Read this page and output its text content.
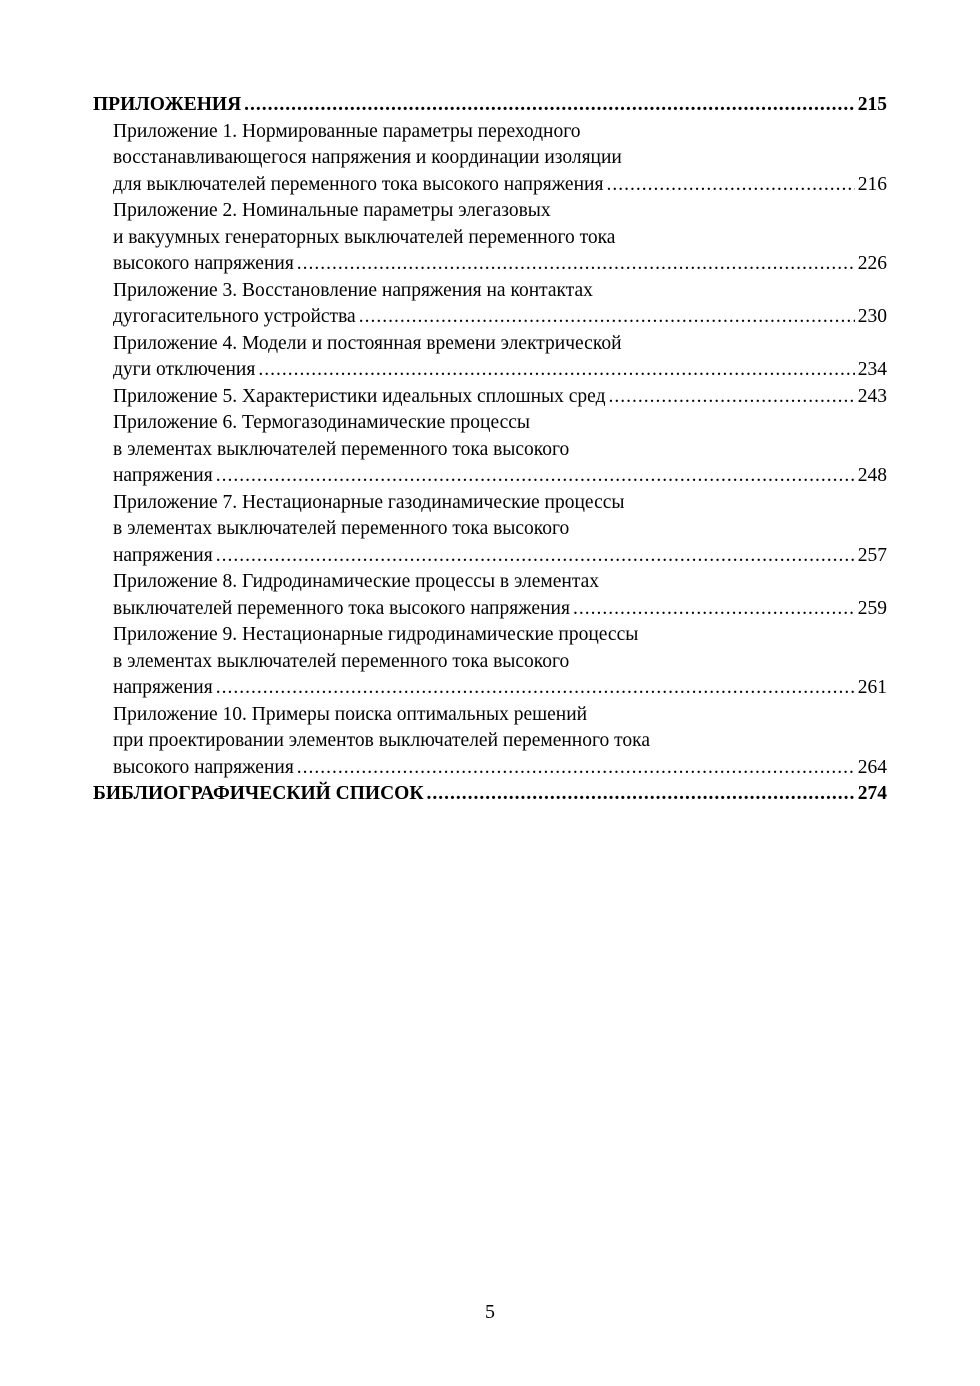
ПРИЛОЖЕНИЯ .....	215
Приложение 1. Нормированные параметры переходного
восстанавливающегося напряжения и координации изоляции
для выключателей переменного тока высокого напряжения .....	216
Приложение 2. Номинальные параметры элегазовых
и вакуумных генераторных выключателей переменного тока
высокого напряжения .....	226
Приложение 3. Восстановление напряжения на контактах
дугогасительного устройства .....	230
Приложение 4. Модели и постоянная времени электрической
дуги отключения .....	234
Приложение 5. Характеристики идеальных сплошных сред .....	243
Приложение 6. Термогазодинамические процессы
в элементах выключателей переменного тока высокого
напряжения .....	248
Приложение 7. Нестационарные газодинамические процессы
в элементах выключателей переменного тока высокого
напряжения .....	257
Приложение 8. Гидродинамические процессы в элементах
выключателей переменного тока высокого напряжения .....	259
Приложение 9. Нестационарные гидродинамические процессы
в элементах выключателей переменного тока высокого
напряжения .....	261
Приложение 10. Примеры поиска оптимальных решений
при проектировании элементов выключателей переменного тока
высокого напряжения .....	264
БИБЛИОГРАФИЧЕСКИЙ СПИСОК .....	274
5
